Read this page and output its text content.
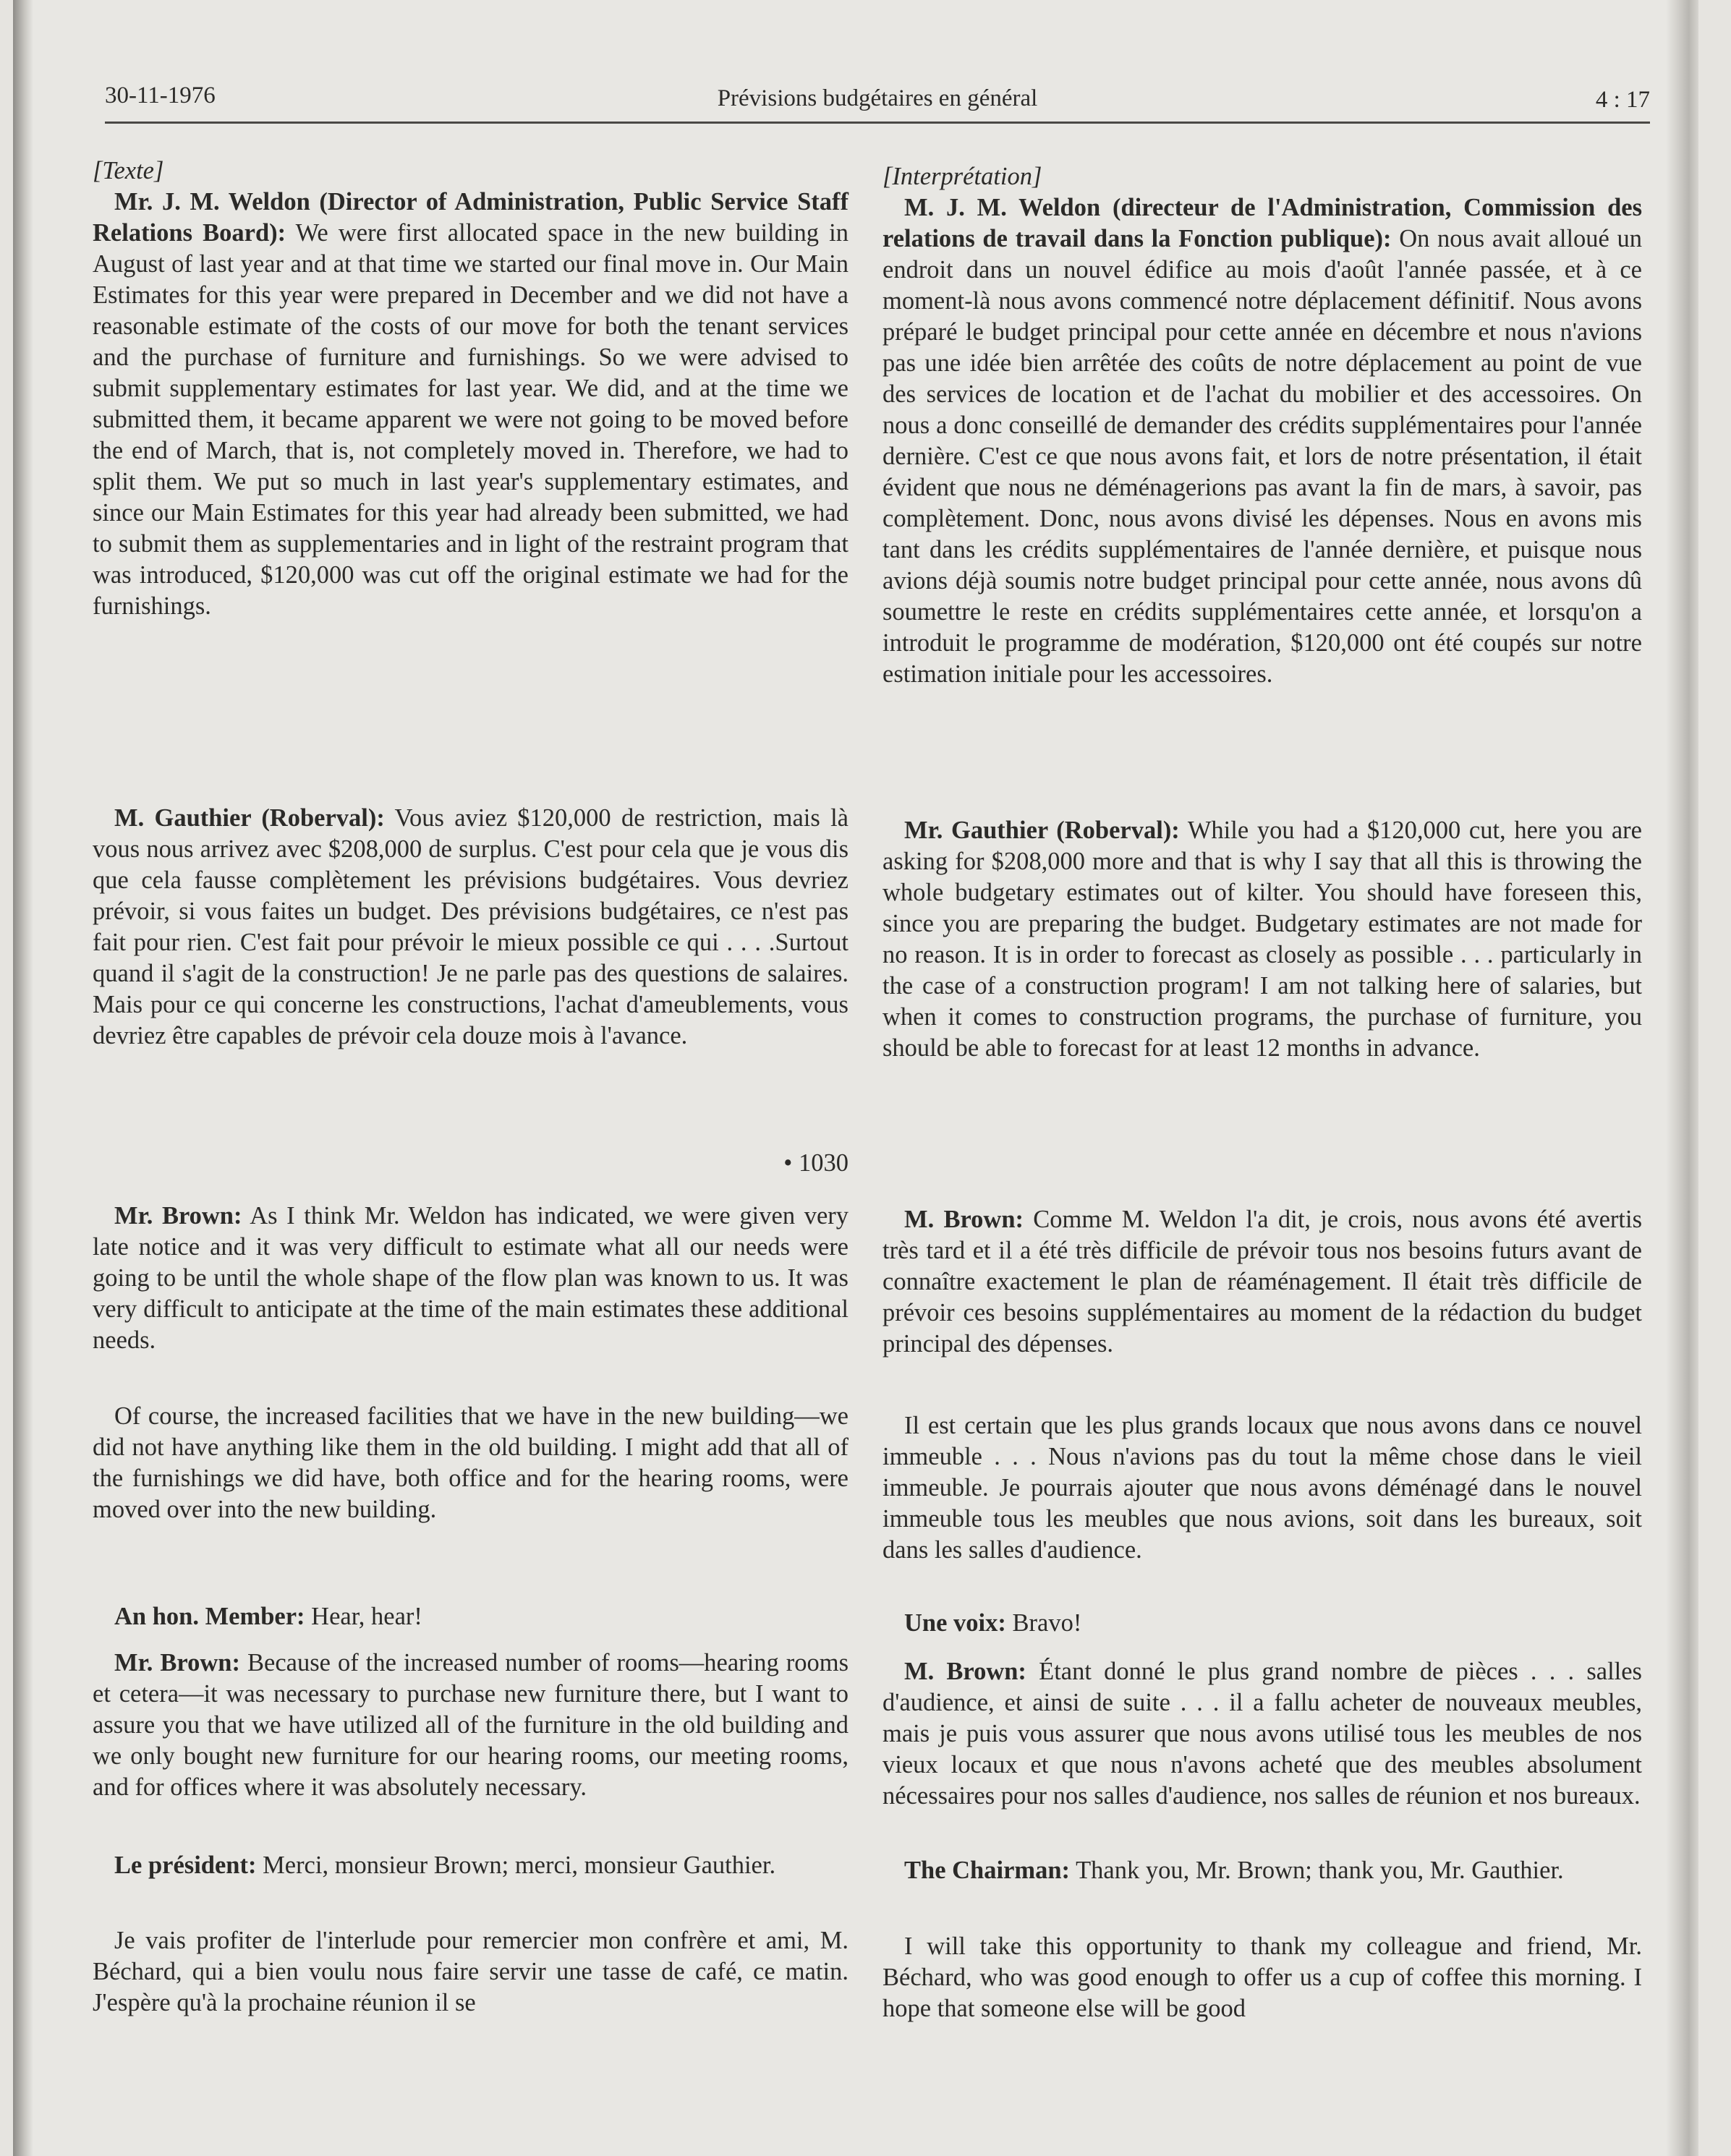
30-11-1976	Prévisions budgétaires en général	4 : 17

[Texte]

Mr. J. M. Weldon (Director of Administration, Public Service Staff Relations Board): We were first allocated space in the new building in August of last year and at that time we started our final move in. Our Main Estimates for this year were prepared in December and we did not have a reasonable estimate of the costs of our move for both the tenant services and the purchase of furniture and furnishings. So we were advised to submit supplementary estimates for last year. We did, and at the time we submitted them, it became apparent we were not going to be moved before the end of March, that is, not completely moved in. Therefore, we had to split them. We put so much in last year's supplementary estimates, and since our Main Estimates for this year had already been submitted, we had to submit them as supplementaries and in light of the restraint program that was introduced, $120,000 was cut off the original estimate we had for the furnishings.

M. Gauthier (Roberval): Vous aviez $120,000 de restriction, mais là vous nous arrivez avec $208,000 de surplus. C'est pour cela que je vous dis que cela fausse complètement les prévisions budgétaires. Vous devriez prévoir, si vous faites un budget. Des prévisions budgétaires, ce n'est pas fait pour rien. C'est fait pour prévoir le mieux possible ce qui . . . .Surtout quand il s'agit de la construction! Je ne parle pas des questions de salaires. Mais pour ce qui concerne les constructions, l'achat d'ameublements, vous devriez être capables de prévoir cela douze mois à l'avance.

• 1030

Mr. Brown: As I think Mr. Weldon has indicated, we were given very late notice and it was very difficult to estimate what all our needs were going to be until the whole shape of the flow plan was known to us. It was very difficult to anticipate at the time of the main estimates these additional needs.

Of course, the increased facilities that we have in the new building—we did not have anything like them in the old building. I might add that all of the furnishings we did have, both office and for the hearing rooms, were moved over into the new building.

An hon. Member: Hear, hear!

Mr. Brown: Because of the increased number of rooms—hearing rooms et cetera—it was necessary to purchase new furniture there, but I want to assure you that we have utilized all of the furniture in the old building and we only bought new furniture for our hearing rooms, our meeting rooms, and for offices where it was absolutely necessary.

Le président: Merci, monsieur Brown; merci, monsieur Gauthier.

Je vais profiter de l'interlude pour remercier mon confrère et ami, M. Béchard, qui a bien voulu nous faire servir une tasse de café, ce matin. J'espère qu'à la prochaine réunion il se

[Interprétation]

M. J. M. Weldon (directeur de l'Administration, Commission des relations de travail dans la Fonction publique): On nous avait alloué un endroit dans un nouvel édifice au mois d'août l'année passée, et à ce moment-là nous avons commencé notre déplacement définitif. Nous avons préparé le budget principal pour cette année en décembre et nous n'avions pas une idée bien arrêtée des coûts de notre déplacement au point de vue des services de location et de l'achat du mobilier et des accessoires. On nous a donc conseillé de demander des crédits supplémentaires pour l'année dernière. C'est ce que nous avons fait, et lors de notre présentation, il était évident que nous ne déménagerions pas avant la fin de mars, à savoir, pas complètement. Donc, nous avons divisé les dépenses. Nous en avons mis tant dans les crédits supplémentaires de l'année dernière, et puisque nous avions déjà soumis notre budget principal pour cette année, nous avons dû soumettre le reste en crédits supplémentaires cette année, et lorsqu'on a introduit le programme de modération, $120,000 ont été coupés sur notre estimation initiale pour les accessoires.

Mr. Gauthier (Roberval): While you had a $120,000 cut, here you are asking for $208,000 more and that is why I say that all this is throwing the whole budgetary estimates out of kilter. You should have foreseen this, since you are preparing the budget. Budgetary estimates are not made for no reason. It is in order to forecast as closely as possible . . . particularly in the case of a construction program! I am not talking here of salaries, but when it comes to construction programs, the purchase of furniture, you should be able to forecast for at least 12 months in advance.

M. Brown: Comme M. Weldon l'a dit, je crois, nous avons été avertis très tard et il a été très difficile de prévoir tous nos besoins futurs avant de connaître exactement le plan de réaménagement. Il était très difficile de prévoir ces besoins supplémentaires au moment de la rédaction du budget principal des dépenses.

Il est certain que les plus grands locaux que nous avons dans ce nouvel immeuble . . . Nous n'avions pas du tout la même chose dans le vieil immeuble. Je pourrais ajouter que nous avons déménagé dans le nouvel immeuble tous les meubles que nous avions, soit dans les bureaux, soit dans les salles d'audience.

Une voix: Bravo!

M. Brown: Étant donné le plus grand nombre de pièces . . . salles d'audience, et ainsi de suite . . . il a fallu acheter de nouveaux meubles, mais je puis vous assurer que nous avons utilisé tous les meubles de nos vieux locaux et que nous n'avons acheté que des meubles absolument nécessaires pour nos salles d'audience, nos salles de réunion et nos bureaux.

The Chairman: Thank you, Mr. Brown; thank you, Mr. Gauthier.

I will take this opportunity to thank my colleague and friend, Mr. Béchard, who was good enough to offer us a cup of coffee this morning. I hope that someone else will be good
